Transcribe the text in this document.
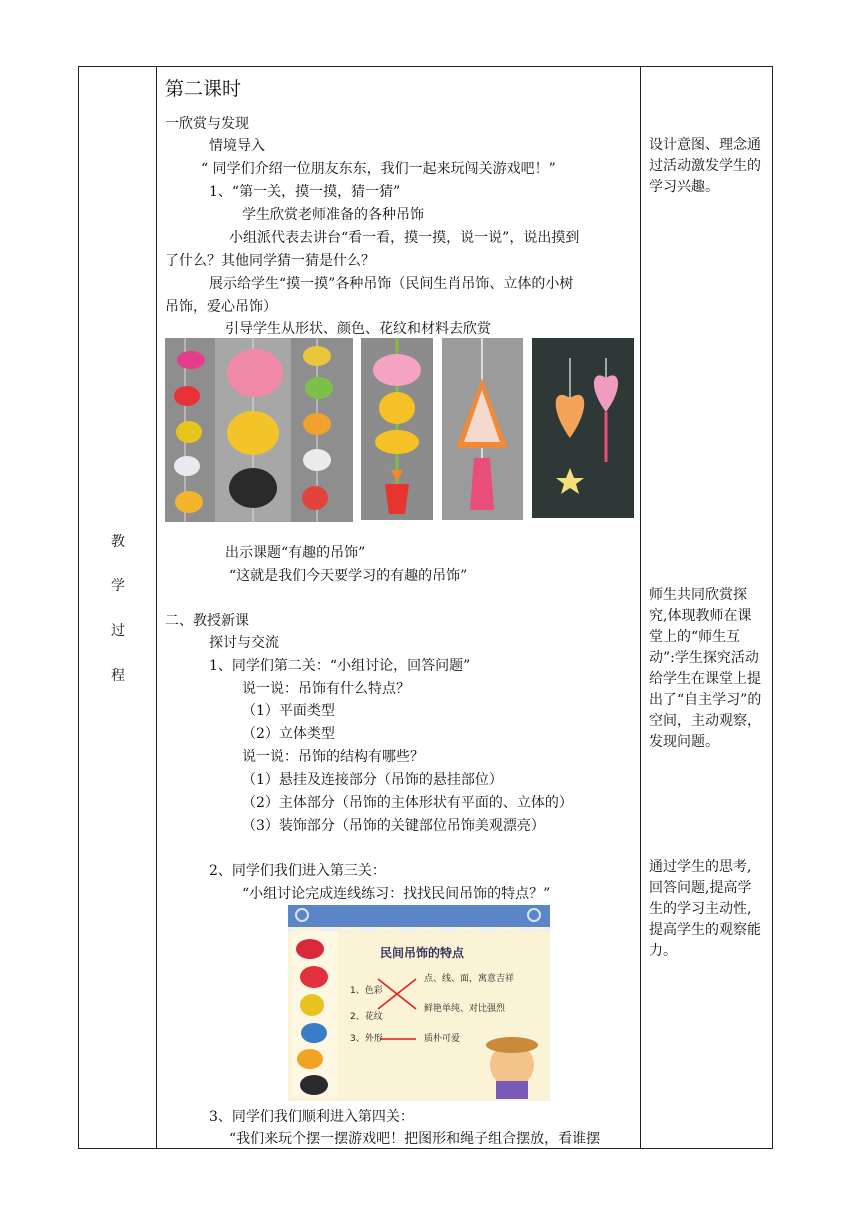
教
学
过
程
第二课时
一欣赏与发现
情境导入
“ 同学们介绍一位朋友东东，我们一起来玩闯关游戏吧！”
1、“第一关，摸一摸，猜一猜”
学生欣赏老师准备的各种吊饰
小组派代表去讲台“看一看，摸一摸，说一说”，说出摸到
了什么？其他同学猜一猜是什么？
展示给学生“摸一摸”各种吊饰（民间生肖吊饰、立体的小树
吊饰，爱心吊饰）
引导学生从形状、颜色、花纹和材料去欣赏
出示课题“有趣的吊饰”
“这就是我们今天要学习的有趣的吊饰”
二、教授新课
探讨与交流
1、同学们第二关：“小组讨论，回答问题”
说一说：吊饰有什么特点？
（1）平面类型
（2）立体类型
说一说：吊饰的结构有哪些？
（1）悬挂及连接部分（吊饰的悬挂部位）
（2）主体部分（吊饰的主体形状有平面的、立体的）
（3）装饰部分（吊饰的关键部位吊饰美观漂亮）
2、同学们我们进入第三关：
“小组讨论完成连线练习：找找民间吊饰的特点？”
民间吊饰的特点
1、色彩
2、花纹
3、外形
点、线、面，寓意吉祥
鲜艳单纯、对比强烈
质朴可爱
3、同学们我们顺利进入第四关：
“我们来玩个摆一摆游戏吧！把图形和绳子组合摆放，看谁摆
设计意图、理念通过活动激发学生的学习兴趣。
师生共同欣赏探究,体现教师在课堂上的“师生互动”:学生探究活动给学生在课堂上提出了“自主学习”的空间，主动观察，发现问题。
通过学生的思考,回答问题,提高学生的学习主动性,提高学生的观察能力。
